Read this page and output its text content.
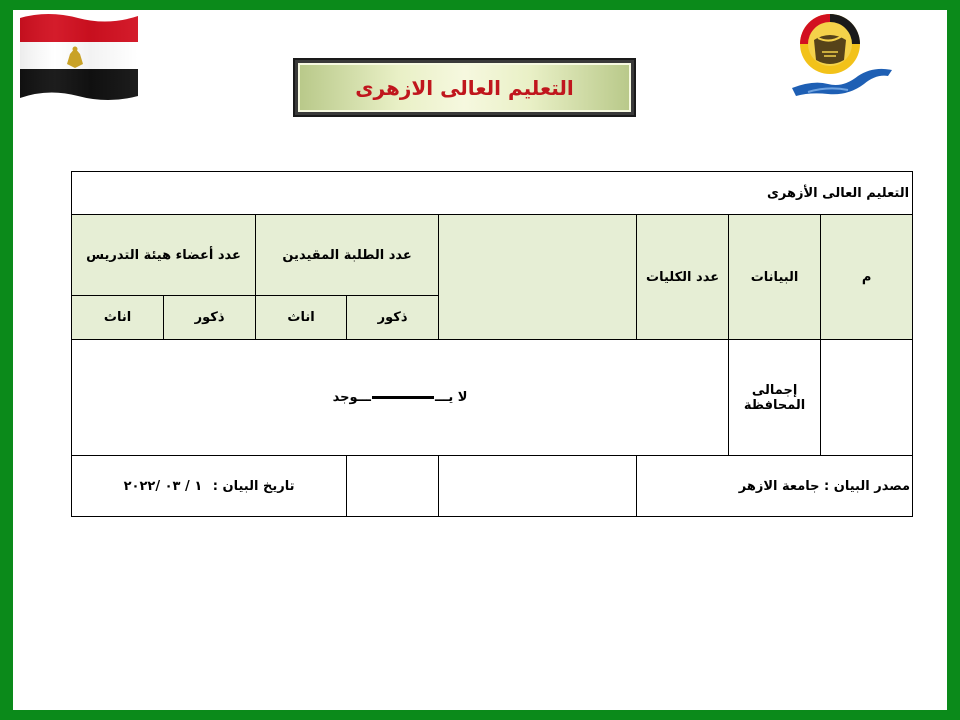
التعليم العالى الازهرى
التعليم العالى الأزهرى							
م	البيانات	عدد الكليات		عدد الطلبة المقيدين		عدد أعضاء هيئة التدريس	
				ذكور	اناث	ذكور	اناث
	إجمالى المحافظة	لا يــــــوجد					
مصدر البيان : جامعة الازهر					تاريخ البيان : ١ / ٠٣ /٢٠٢٢		
